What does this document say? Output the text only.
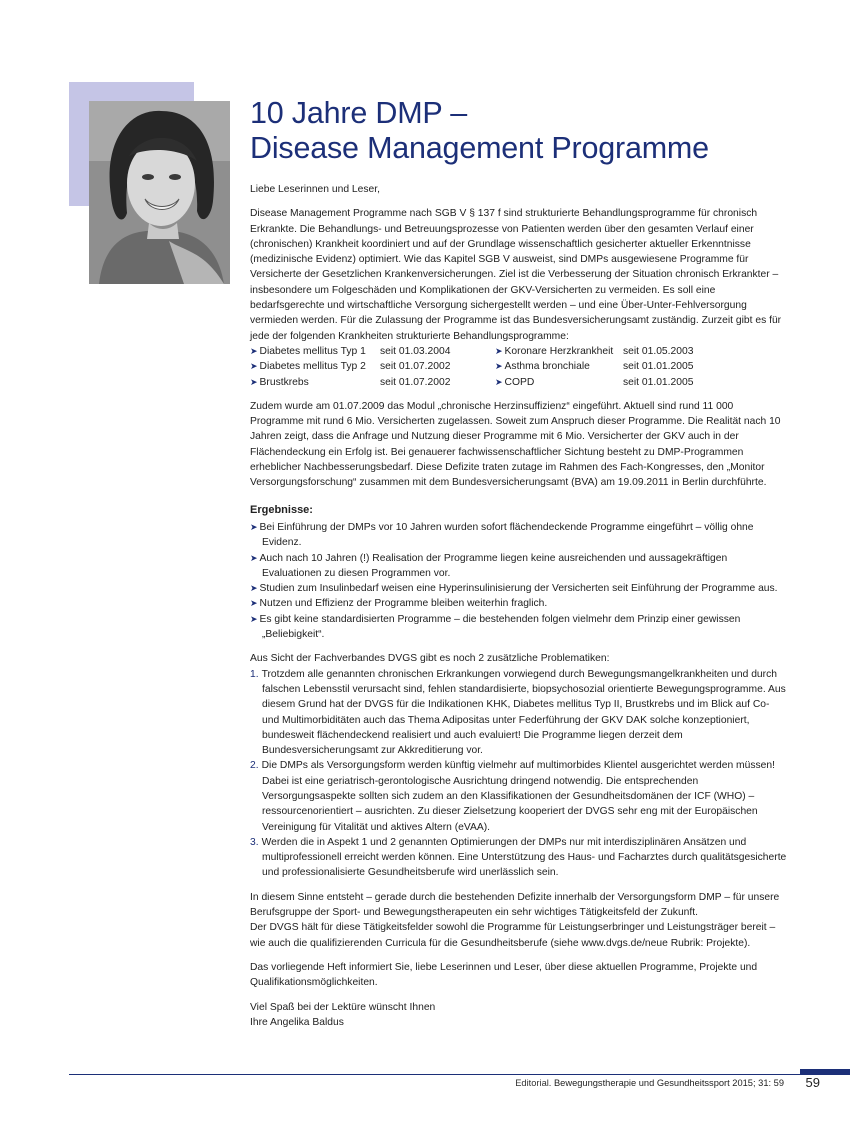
10 Jahre DMP –
Disease Management Programme

Liebe Leserinnen und Leser,

Disease Management Programme nach SGB V § 137 f sind strukturierte Behandlungsprogramme für chronisch Erkrankte. Die Behandlungs- und Betreuungsprozesse von Patienten werden über den gesamten Verlauf einer (chronischen) Krankheit koordiniert und auf der Grundlage wissenschaftlich gesicherter aktueller Erkenntnisse (medizinische Evidenz) optimiert. Wie das Kapitel SGB V ausweist, sind DMPs ausgewiesene Programme für Versicherte der Gesetzlichen Krankenversicherungen. Ziel ist die Verbesserung der Situation chronisch Erkrankter – insbesondere um Folgeschäden und Komplikationen der GKV-Versicherten zu vermeiden. Es soll eine bedarfsgerechte und wirtschaftliche Versorgung sichergestellt werden – und eine Über-Unter-Fehlversorgung vermieden werden. Für die Zulassung der Programme ist das Bundesversicherungsamt zuständig. Zurzeit gibt es für jede der folgenden Krankheiten strukturierte Behandlungsprogramme:

➤ Diabetes mellitus Typ 1	seit 01.03.2004	➤ Koronare Herzkrankheit seit 01.05.2003
➤ Diabetes mellitus Typ 2	seit 01.07.2002	➤ Asthma bronchiale	seit 01.01.2005
➤ Brustkrebs	seit 01.07.2002	➤ COPD	seit 01.01.2005

Zudem wurde am 01.07.2009 das Modul „chronische Herzinsuffizienz“ eingeführt. Aktuell sind rund 11 000 Programme mit rund 6 Mio. Versicherten zugelassen. Soweit zum Anspruch dieser Programme. Die Realität nach 10 Jahren zeigt, dass die Anfrage und Nutzung dieser Programme mit 6 Mio. Versicherter der GKV auch in der Flächendeckung ein Erfolg ist. Bei genauerer fachwissenschaftlicher Sichtung besteht zu DMP-Programmen erheblicher Nachbesserungsbedarf. Diese Defizite traten zutage im Rahmen des Fach-Kongresses, den „Monitor Versorgungsforschung“ zusammen mit dem Bundesversicherungsamt (BVA) am 19.09.2011 in Berlin durchführte.

Ergebnisse:
➤ Bei Einführung der DMPs vor 10 Jahren wurden sofort flächendeckende Programme eingeführt – völlig ohne Evidenz.
➤ Auch nach 10 Jahren (!) Realisation der Programme liegen keine ausreichenden und aussagekräftigen Evaluationen zu diesen Programmen vor.
➤ Studien zum Insulinbedarf weisen eine Hyperinsulinisierung der Versicherten seit Einführung der Programme aus.
➤ Nutzen und Effizienz der Programme bleiben weiterhin fraglich.
➤ Es gibt keine standardisierten Programme – die bestehenden folgen vielmehr dem Prinzip einer gewissen „Beliebigkeit“.

Aus Sicht der Fachverbandes DVGS gibt es noch 2 zusätzliche Problematiken:

1. Trotzdem alle genannten chronischen Erkrankungen vorwiegend durch Bewegungsmangelkrankheiten und durch falschen Lebensstil verursacht sind, fehlen standardisierte, biopsychosozial orientierte Bewegungsprogramme. Aus diesem Grund hat der DVGS für die Indikationen KHK, Diabetes mellitus Typ II, Brustkrebs und im Blick auf Co- und Multimorbiditäten auch das Thema Adipositas unter Federführung der GKV DAK solche konzeptioniert, bundesweit flächendeckend realisiert und auch evaluiert! Die Programme liegen derzeit dem Bundesversicherungsamt zur Akkreditierung vor.
2. Die DMPs als Versorgungsform werden künftig vielmehr auf multimorbides Klientel ausgerichtet werden müssen! Dabei ist eine geriatrisch-gerontologische Ausrichtung dringend notwendig. Die entsprechenden Versorgungsaspekte sollten sich zudem an den Klassifikationen der Gesundheitsdomänen der ICF (WHO) – ressourcenorientiert – ausrichten. Zu dieser Zielsetzung kooperiert der DVGS sehr eng mit der Europäischen Vereinigung für Vitalität und aktives Altern (eVAA).
3. Werden die in Aspekt 1 und 2 genannten Optimierungen der DMPs nur mit interdisziplinären Ansätzen und multiprofessionell erreicht werden können. Eine Unterstützung des Haus- und Facharztes durch qualitätsgesicherte und professionalisierte Gesundheitsberufe wird unerlässlich sein.

In diesem Sinne entsteht – gerade durch die bestehenden Defizite innerhalb der Versorgungsform DMP – für unsere Berufsgruppe der Sport- und Bewegungstherapeuten ein sehr wichtiges Tätigkeitsfeld der Zukunft.

Der DVGS hält für diese Tätigkeitsfelder sowohl die Programme für Leistungserbringer und Leistungsträger bereit – wie auch die qualifizierenden Curricula für die Gesundheitsberufe (siehe www.dvgs.de/neue Rubrik: Projekte).

Das vorliegende Heft informiert Sie, liebe Leserinnen und Leser, über diese aktuellen Programme, Projekte und Qualifikationsmöglichkeiten.

Viel Spaß bei der Lektüre wünscht Ihnen

Ihre Angelika Baldus

Editorial. Bewegungstherapie und Gesundheitssport 2015; 31: 59	59
